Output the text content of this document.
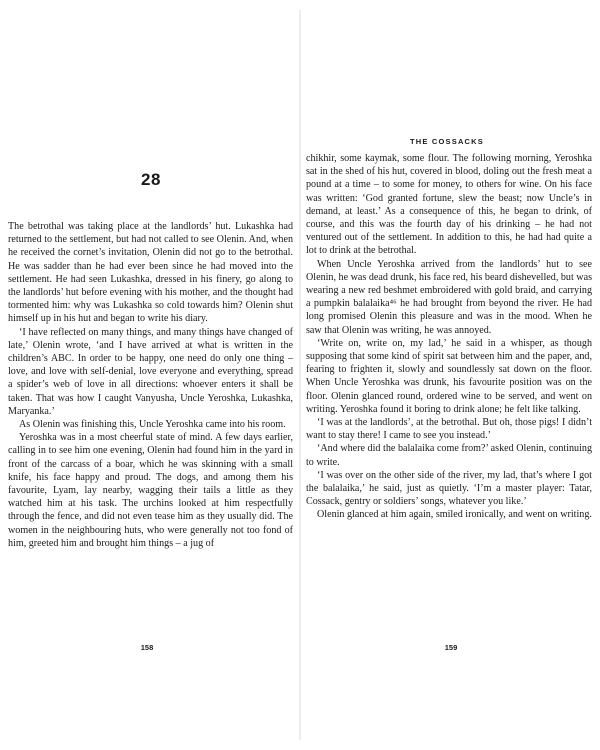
28

The betrothal was taking place at the landlords’ hut. Lukashka had returned to the settlement, but had not called to see Olenin. And, when he received the cornet’s invitation, Olenin did not go to the betrothal. He was sadder than he had ever been since he had moved into the settlement. He had seen Lukashka, dressed in his finery, go along to the landlords’ hut before evening with his mother, and the thought had tormented him: why was Lukashka so cold towards him? Olenin shut himself up in his hut and began to write his diary.

‘I have reflected on many things, and many things have changed of late,’ Olenin wrote, ‘and I have arrived at what is written in the children’s ABC. In order to be happy, one need do only one thing – love, and love with self-denial, love everyone and everything, spread a spider’s web of love in all directions: whoever enters it shall be taken. That was how I caught Vanyusha, Uncle Yeroshka, Lukashka, Maryanka.’

As Olenin was finishing this, Uncle Yeroshka came into his room.

Yeroshka was in a most cheerful state of mind. A few days earlier, calling in to see him one evening, Olenin had found him in the yard in front of the carcass of a boar, which he was skinning with a small knife, his face happy and proud. The dogs, and among them his favourite, Lyam, lay nearby, wagging their tails a little as they watched him at his task. The urchins looked at him respectfully through the fence, and did not even tease him as they usually did. The women in the neighbouring huts, who were generally not too fond of him, greeted him and brought him things – a jug of

158
THE COSSACKS

chikhir, some kaymak, some flour. The following morning, Yeroshka sat in the shed of his hut, covered in blood, doling out the fresh meat a pound at a time – to some for money, to others for wine. On his face was written: ‘God granted fortune, slew the beast; now Uncle’s in demand, at least.’ As a consequence of this, he began to drink, of course, and this was the fourth day of his drinking – he had not ventured out of the settlement. In addition to this, he had had quite a lot to drink at the betrothal.

When Uncle Yeroshka arrived from the landlords’ hut to see Olenin, he was dead drunk, his face red, his beard dishevelled, but was wearing a new red beshmet embroidered with gold braid, and carrying a pumpkin balalaika⁴⁶ he had brought from beyond the river. He had long promised Olenin this pleasure and was in the mood. When he saw that Olenin was writing, he was annoyed.

‘Write on, write on, my lad,’ he said in a whisper, as though supposing that some kind of spirit sat between him and the paper, and, fearing to frighten it, slowly and soundlessly sat down on the floor. When Uncle Yeroshka was drunk, his favourite position was on the floor. Olenin glanced round, ordered wine to be served, and went on writing. Yeroshka found it boring to drink alone; he felt like talking.

‘I was at the landlords’, at the betrothal. But oh, those pigs! I didn’t want to stay there! I came to see you instead.’

‘And where did the balalaika come from?’ asked Olenin, continuing to write.

‘I was over on the other side of the river, my lad, that’s where I got the balalaika,’ he said, just as quietly. ‘I’m a master player: Tatar, Cossack, gentry or soldiers’ songs, whatever you like.’

Olenin glanced at him again, smiled ironically, and went on writing.

159
